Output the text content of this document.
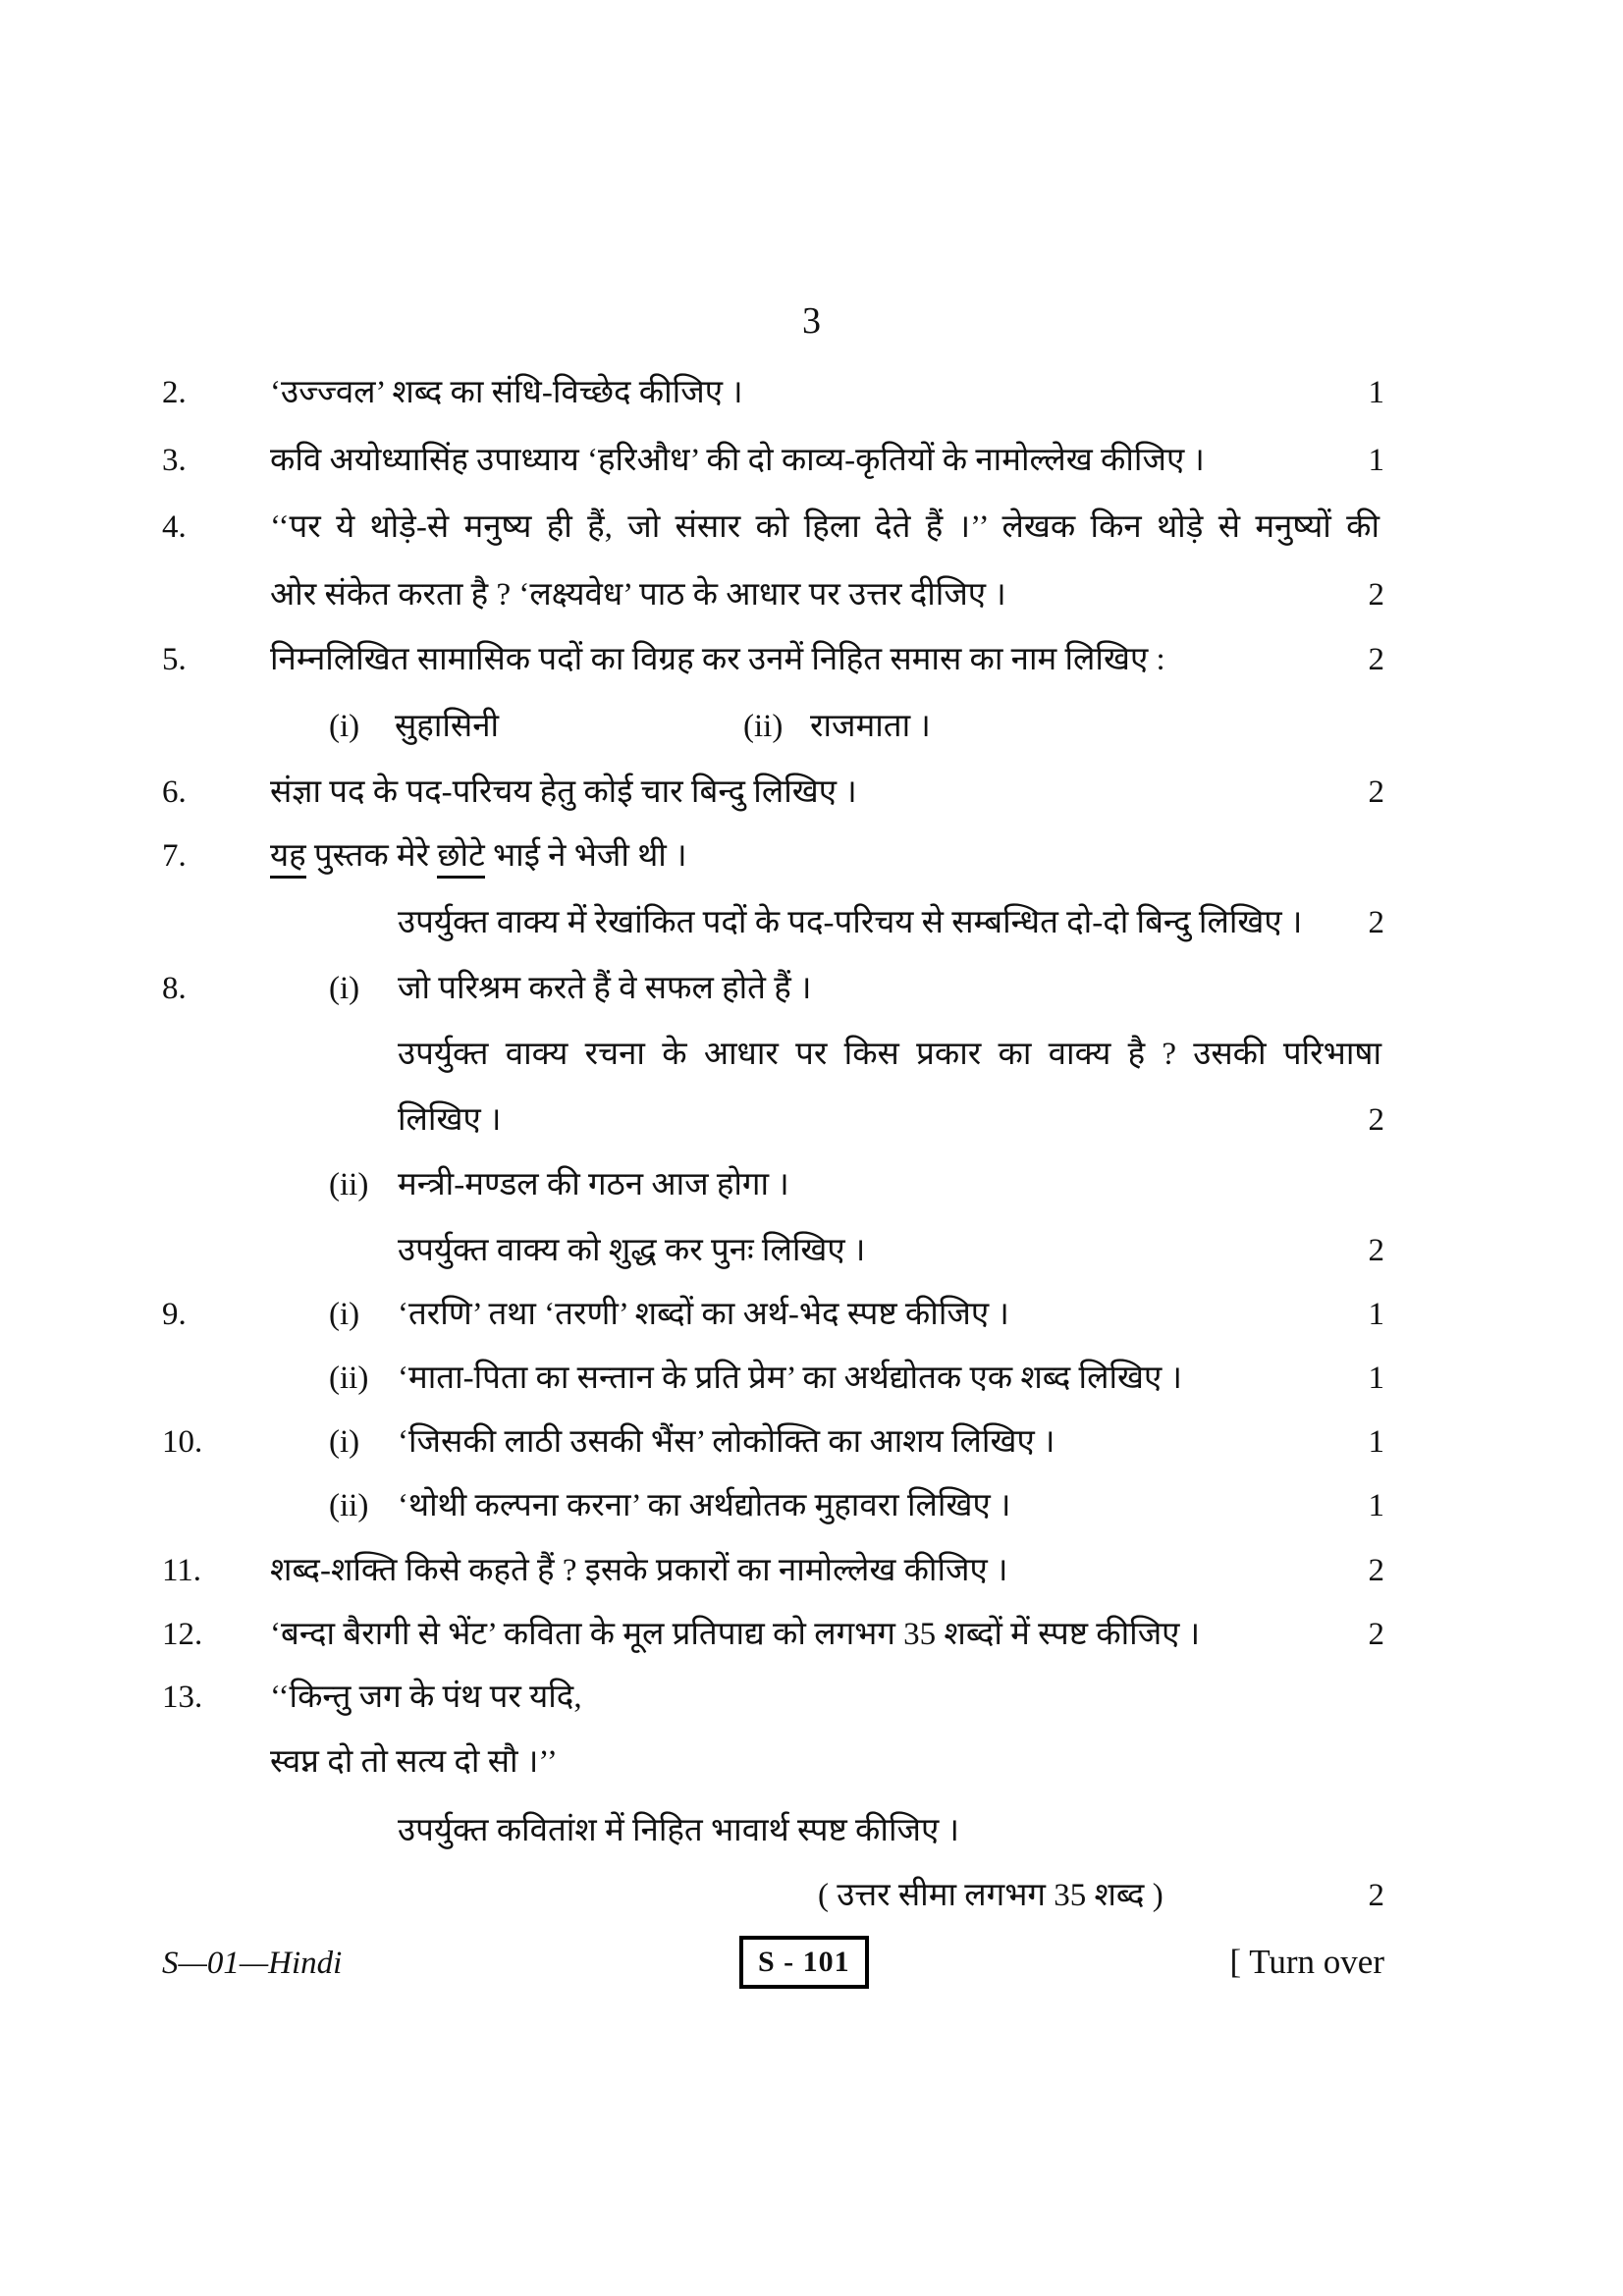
3
2.	‘उज्ज्वल’ शब्द का संधि-विच्छेद कीजिए ।	1
3.	कवि अयोध्यासिंह उपाध्याय ‘हरिऔध’ की दो काव्य-कृतियों के नामोल्लेख कीजिए ।	1
4.	‘‘पर ये थोड़े-से मनुष्य ही हैं, जो संसार को हिला देते हैं ।’’ लेखक किन थोड़े से मनुष्यों की
ओर संकेत करता है ? ‘लक्ष्यवेध’ पाठ के आधार पर उत्तर दीजिए ।	2
5.	निम्नलिखित सामासिक पदों का विग्रह कर उनमें निहित समास का नाम लिखिए :	2
(i) सुहासिनी	(ii) राजमाता ।
6.	संज्ञा पद के पद-परिचय हेतु कोई चार बिन्दु लिखिए ।	2
7.	यह पुस्तक मेरे छोटे भाई ने भेजी थी ।
उपर्युक्त वाक्य में रेखांकित पदों के पद-परिचय से सम्बन्धित दो-दो बिन्दु लिखिए । 2
8.	(i) जो परिश्रम करते हैं वे सफल होते हैं ।
उपर्युक्त वाक्य रचना के आधार पर किस प्रकार का वाक्य है ? उसकी परिभाषा
लिखिए ।	2
(ii) मन्त्री-मण्डल की गठन आज होगा ।
उपर्युक्त वाक्य को शुद्ध कर पुनः लिखिए ।	2
9.	(i) ‘तरणि’ तथा ‘तरणी’ शब्दों का अर्थ-भेद स्पष्ट कीजिए ।	1
(ii) ‘माता-पिता का सन्तान के प्रति प्रेम’ का अर्थद्योतक एक शब्द लिखिए ।	1
10.	(i) ‘जिसकी लाठी उसकी भैंस’ लोकोक्ति का आशय लिखिए ।	1
(ii) ‘थोथी कल्पना करना’ का अर्थद्योतक मुहावरा लिखिए ।	1
11. शब्द-शक्ति किसे कहते हैं ? इसके प्रकारों का नामोल्लेख कीजिए ।	2
12. ‘बन्दा बैरागी से भेंट’ कविता के मूल प्रतिपाद्य को लगभग 35 शब्दों में स्पष्ट कीजिए ।	2
13. ‘‘किन्तु जग के पंथ पर यदि,
स्वप्न दो तो सत्य दो सौ ।’’
उपर्युक्त कवितांश में निहित भावार्थ स्पष्ट कीजिए ।
( उत्तर सीमा लगभग 35 शब्द )	2
S—01—Hindi	S - 101	[ Turn over
